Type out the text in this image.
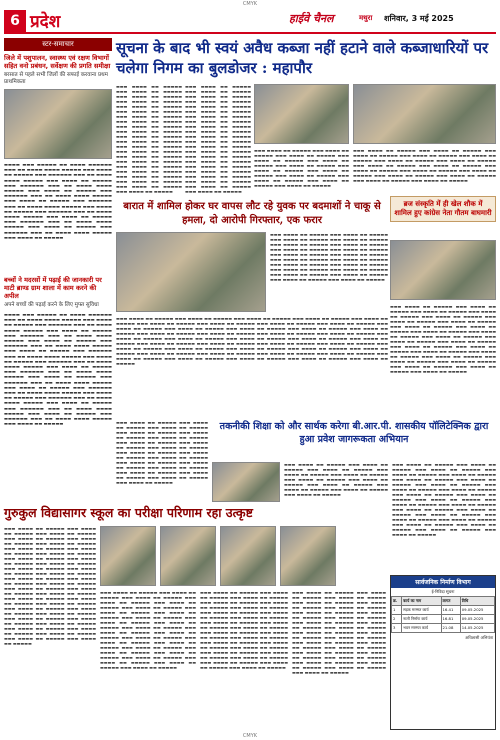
CMYK
6 प्रदेश	हाईवे चैनल	मथुरा शनिवार, 3 मई 2025
स्टर-समाचार
जिले में पशुपालन, स्वास्थ्य एवं रक्षण विभागों सहित वनो प्रबंधन, सर्वेक्षण की प्रगति समीक्षा
बरसात से पहले सभी जिलों की सफाई करवाना प्रथम प्राथमिकता
▬▬▬▬ ▬▬▬ ▬▬▬▬▬ ▬▬ ▬▬▬▬ ▬▬▬▬▬▬ ▬▬▬ ▬▬ ▬▬▬▬ ▬▬▬▬ ▬▬▬▬▬ ▬▬▬ ▬▬▬▬ ▬▬ ▬▬▬▬▬ ▬▬▬ ▬▬▬▬▬▬ ▬▬▬ ▬▬ ▬▬▬▬ ▬▬▬▬ ▬▬▬▬▬ ▬▬▬ ▬▬▬▬ ▬▬ ▬▬▬▬▬ ▬▬▬ ▬▬▬▬▬▬ ▬▬▬ ▬▬ ▬▬▬▬ ▬▬▬▬ ▬▬▬▬▬ ▬▬▬ ▬▬▬▬ ▬▬ ▬▬▬▬▬ ▬▬▬ ▬▬▬▬▬▬ ▬▬▬ ▬▬ ▬▬▬▬ ▬▬▬▬ ▬▬▬▬▬ ▬▬▬ ▬▬▬▬ ▬▬ ▬▬▬▬▬ ▬▬▬ ▬▬▬▬▬▬ ▬▬▬ ▬▬ ▬▬▬▬ ▬▬▬▬ ▬▬▬▬▬ ▬▬▬ ▬▬▬▬ ▬▬ ▬▬▬▬▬ ▬▬▬ ▬▬▬▬▬▬ ▬▬▬ ▬▬ ▬▬▬▬ ▬▬▬▬ ▬▬▬▬▬ ▬▬▬ ▬▬▬▬ ▬▬ ▬▬▬▬▬ ▬▬▬ ▬▬▬▬▬▬ ▬▬▬ ▬▬ ▬▬▬▬ ▬▬▬▬ ▬▬▬▬▬ ▬▬▬ ▬▬▬▬ ▬▬ ▬▬▬▬▬ ▬▬▬ ▬▬▬▬▬▬ ▬▬▬ ▬▬ ▬▬▬▬ ▬▬▬▬ ▬▬▬▬▬ ▬▬▬ ▬▬▬▬ ▬▬ ▬▬▬▬▬
बच्चों ने मदरसों में पढ़ाई की जानकारी पर माटी ब्राण्ड ग्राम शाला में काम करने की अपील
अपने बच्चों की पढ़ाई करने के लिए मुफ्त सुविधा
▬▬▬▬ ▬▬▬ ▬▬▬▬▬ ▬▬ ▬▬▬▬ ▬▬▬▬▬▬ ▬▬▬ ▬▬ ▬▬▬▬ ▬▬▬▬ ▬▬▬▬▬ ▬▬▬ ▬▬▬▬ ▬▬ ▬▬▬▬▬ ▬▬▬ ▬▬▬▬▬▬ ▬▬▬ ▬▬ ▬▬▬▬ ▬▬▬▬ ▬▬▬▬▬ ▬▬▬ ▬▬▬▬ ▬▬ ▬▬▬▬▬ ▬▬▬ ▬▬▬▬▬▬ ▬▬▬ ▬▬ ▬▬▬▬ ▬▬▬▬ ▬▬▬▬▬ ▬▬▬ ▬▬▬▬ ▬▬ ▬▬▬▬▬ ▬▬▬ ▬▬▬▬▬▬ ▬▬▬ ▬▬ ▬▬▬▬ ▬▬▬▬ ▬▬▬▬▬ ▬▬▬ ▬▬▬▬ ▬▬ ▬▬▬▬▬ ▬▬▬ ▬▬▬▬▬▬ ▬▬▬ ▬▬ ▬▬▬▬ ▬▬▬▬ ▬▬▬▬▬ ▬▬▬ ▬▬▬▬ ▬▬ ▬▬▬▬▬ ▬▬▬ ▬▬▬▬▬▬ ▬▬▬ ▬▬ ▬▬▬▬ ▬▬▬▬ ▬▬▬▬▬ ▬▬▬ ▬▬▬▬ ▬▬ ▬▬▬▬▬ ▬▬▬ ▬▬▬▬▬▬ ▬▬▬ ▬▬ ▬▬▬▬ ▬▬▬▬ ▬▬▬▬▬ ▬▬▬ ▬▬▬▬ ▬▬ ▬▬▬▬▬ ▬▬▬ ▬▬▬▬▬▬ ▬▬▬ ▬▬ ▬▬▬▬ ▬▬▬▬ ▬▬▬▬▬ ▬▬▬ ▬▬▬▬ ▬▬ ▬▬▬▬▬ ▬▬▬ ▬▬▬▬▬▬ ▬▬▬ ▬▬ ▬▬▬▬ ▬▬▬▬ ▬▬▬▬▬ ▬▬▬ ▬▬▬▬ ▬▬ ▬▬▬▬▬ ▬▬▬ ▬▬▬▬▬▬ ▬▬▬ ▬▬ ▬▬▬▬ ▬▬▬▬ ▬▬▬▬▬ ▬▬▬ ▬▬▬▬ ▬▬ ▬▬▬▬▬ ▬▬▬ ▬▬▬▬▬▬ ▬▬▬ ▬▬ ▬▬▬▬ ▬▬▬▬ ▬▬▬▬▬ ▬▬▬ ▬▬▬▬ ▬▬ ▬▬▬▬▬ ▬▬▬ ▬▬▬▬▬▬ ▬▬▬ ▬▬ ▬▬▬▬ ▬▬▬▬ ▬▬▬▬▬ ▬▬▬ ▬▬▬▬ ▬▬ ▬▬▬▬▬
सूचना के बाद भी स्वयं अवैध कब्जा नहीं हटाने वाले कब्जाधारियों पर चलेगा निगम का बुलडोजर : महापौर
▬▬▬ ▬▬▬▬ ▬▬ ▬▬▬▬▬ ▬▬▬ ▬▬▬▬ ▬▬ ▬▬▬▬▬ ▬▬▬ ▬▬▬▬ ▬▬ ▬▬▬▬▬ ▬▬▬ ▬▬▬▬ ▬▬ ▬▬▬▬▬ ▬▬▬ ▬▬▬▬ ▬▬ ▬▬▬▬▬ ▬▬▬ ▬▬▬▬ ▬▬ ▬▬▬▬▬ ▬▬▬ ▬▬▬▬ ▬▬ ▬▬▬▬▬ ▬▬▬ ▬▬▬▬ ▬▬ ▬▬▬▬▬ ▬▬▬ ▬▬▬▬ ▬▬ ▬▬▬▬▬ ▬▬▬ ▬▬▬▬ ▬▬ ▬▬▬▬▬ ▬▬▬ ▬▬▬▬ ▬▬ ▬▬▬▬▬ ▬▬▬ ▬▬▬▬ ▬▬ ▬▬▬▬▬ ▬▬▬ ▬▬▬▬ ▬▬ ▬▬▬▬▬ ▬▬▬ ▬▬▬▬ ▬▬ ▬▬▬▬▬ ▬▬▬ ▬▬▬▬ ▬▬ ▬▬▬▬▬ ▬▬▬ ▬▬▬▬ ▬▬ ▬▬▬▬▬ ▬▬▬ ▬▬▬▬ ▬▬ ▬▬▬▬▬ ▬▬▬ ▬▬▬▬ ▬▬ ▬▬▬▬▬ ▬▬▬ ▬▬▬▬ ▬▬ ▬▬▬▬▬ ▬▬▬ ▬▬▬▬ ▬▬ ▬▬▬▬▬ ▬▬▬ ▬▬▬▬ ▬▬ ▬▬▬▬▬ ▬▬▬ ▬▬▬▬ ▬▬ ▬▬▬▬▬
▬▬▬ ▬▬▬▬ ▬▬ ▬▬▬▬▬ ▬▬▬ ▬▬▬▬ ▬▬ ▬▬▬▬▬ ▬▬▬ ▬▬▬▬ ▬▬ ▬▬▬▬▬ ▬▬▬ ▬▬▬▬ ▬▬ ▬▬▬▬▬ ▬▬▬ ▬▬▬▬ ▬▬ ▬▬▬▬▬ ▬▬▬ ▬▬▬▬ ▬▬ ▬▬▬▬▬ ▬▬▬ ▬▬▬▬ ▬▬ ▬▬▬▬▬ ▬▬▬ ▬▬▬▬ ▬▬ ▬▬▬▬▬ ▬▬▬ ▬▬▬▬ ▬▬ ▬▬▬▬▬ ▬▬▬ ▬▬▬▬ ▬▬ ▬▬▬▬▬ ▬▬▬ ▬▬▬▬ ▬▬ ▬▬▬▬▬ ▬▬▬ ▬▬▬▬ ▬▬ ▬▬▬▬▬ ▬▬▬ ▬▬▬▬ ▬▬ ▬▬▬▬▬ ▬▬▬ ▬▬▬▬ ▬▬ ▬▬▬▬▬ ▬▬▬ ▬▬▬▬ ▬▬ ▬▬▬▬▬ ▬▬▬ ▬▬▬▬ ▬▬ ▬▬▬▬▬ ▬▬▬ ▬▬▬▬ ▬▬ ▬▬▬▬▬ ▬▬▬ ▬▬▬▬ ▬▬ ▬▬▬▬▬ ▬▬▬ ▬▬▬▬ ▬▬ ▬▬▬▬▬ ▬▬▬ ▬▬▬▬ ▬▬ ▬▬▬▬▬ ▬▬▬ ▬▬▬▬ ▬▬ ▬▬▬▬▬ ▬▬▬ ▬▬▬▬ ▬▬ ▬▬▬▬▬
▬▬▬ ▬▬▬▬ ▬▬ ▬▬▬▬▬ ▬▬▬ ▬▬▬▬ ▬▬ ▬▬▬▬▬ ▬▬▬ ▬▬▬▬ ▬▬ ▬▬▬▬▬ ▬▬▬ ▬▬▬▬ ▬▬ ▬▬▬▬▬ ▬▬▬ ▬▬▬▬ ▬▬ ▬▬▬▬▬ ▬▬▬ ▬▬▬▬ ▬▬ ▬▬▬▬▬ ▬▬▬ ▬▬▬▬ ▬▬ ▬▬▬▬▬ ▬▬▬ ▬▬▬▬ ▬▬ ▬▬▬▬▬ ▬▬▬ ▬▬▬▬ ▬▬ ▬▬▬▬▬ ▬▬▬ ▬▬▬▬ ▬▬ ▬▬▬▬▬ ▬▬▬ ▬▬▬▬ ▬▬ ▬▬▬▬▬ ▬▬▬ ▬▬▬▬ ▬▬ ▬▬▬▬▬
▬▬▬ ▬▬▬▬ ▬▬ ▬▬▬▬▬ ▬▬▬ ▬▬▬▬ ▬▬ ▬▬▬▬▬ ▬▬▬ ▬▬▬▬ ▬▬ ▬▬▬▬▬ ▬▬▬ ▬▬▬▬ ▬▬ ▬▬▬▬▬ ▬▬▬ ▬▬▬▬ ▬▬ ▬▬▬▬▬ ▬▬▬ ▬▬▬▬ ▬▬ ▬▬▬▬▬ ▬▬▬ ▬▬▬▬ ▬▬ ▬▬▬▬▬ ▬▬▬ ▬▬▬▬ ▬▬ ▬▬▬▬▬ ▬▬▬ ▬▬▬▬ ▬▬ ▬▬▬▬▬ ▬▬▬ ▬▬▬▬ ▬▬ ▬▬▬▬▬ ▬▬▬ ▬▬▬▬ ▬▬ ▬▬▬▬▬ ▬▬▬ ▬▬▬▬ ▬▬ ▬▬▬▬▬ ▬▬▬ ▬▬▬▬ ▬▬ ▬▬▬▬▬ ▬▬▬ ▬▬▬▬ ▬▬ ▬▬▬▬▬ ▬▬▬ ▬▬▬▬ ▬▬ ▬▬▬▬▬ ▬▬▬ ▬▬▬▬ ▬▬ ▬▬▬▬▬
बारात में शामिल होकर घर वापस लौट रहे युवक पर बदमाशों ने चाकू से हमला, दो आरोपी गिरफ्तार, एक फरार
▬▬▬ ▬▬▬▬ ▬▬ ▬▬▬▬▬ ▬▬▬ ▬▬▬▬ ▬▬ ▬▬▬▬▬ ▬▬▬ ▬▬▬▬ ▬▬ ▬▬▬▬▬ ▬▬▬ ▬▬▬▬ ▬▬ ▬▬▬▬▬ ▬▬▬ ▬▬▬▬ ▬▬ ▬▬▬▬▬ ▬▬▬ ▬▬▬▬ ▬▬ ▬▬▬▬▬ ▬▬▬ ▬▬▬▬ ▬▬ ▬▬▬▬▬ ▬▬▬ ▬▬▬▬ ▬▬ ▬▬▬▬▬ ▬▬▬ ▬▬▬▬ ▬▬ ▬▬▬▬▬ ▬▬▬ ▬▬▬▬ ▬▬ ▬▬▬▬▬ ▬▬▬ ▬▬▬▬ ▬▬ ▬▬▬▬▬ ▬▬▬ ▬▬▬▬ ▬▬ ▬▬▬▬▬ ▬▬▬ ▬▬▬▬ ▬▬ ▬▬▬▬▬ ▬▬▬ ▬▬▬▬ ▬▬ ▬▬▬▬▬ ▬▬▬ ▬▬▬▬ ▬▬ ▬▬▬▬▬ ▬▬▬ ▬▬▬▬ ▬▬ ▬▬▬▬▬ ▬▬▬ ▬▬▬▬ ▬▬ ▬▬▬▬▬ ▬▬▬ ▬▬▬▬ ▬▬ ▬▬▬▬▬ ▬▬▬ ▬▬▬▬ ▬▬ ▬▬▬▬▬ ▬▬▬ ▬▬▬▬ ▬▬ ▬▬▬▬▬
▬▬▬ ▬▬▬▬ ▬▬ ▬▬▬▬▬ ▬▬▬ ▬▬▬▬ ▬▬ ▬▬▬▬▬ ▬▬▬ ▬▬▬▬ ▬▬ ▬▬▬▬▬ ▬▬▬ ▬▬▬▬ ▬▬ ▬▬▬▬▬ ▬▬▬ ▬▬▬▬ ▬▬ ▬▬▬▬▬ ▬▬▬ ▬▬▬▬ ▬▬ ▬▬▬▬▬ ▬▬▬ ▬▬▬▬ ▬▬ ▬▬▬▬▬ ▬▬▬ ▬▬▬▬ ▬▬ ▬▬▬▬▬ ▬▬▬ ▬▬▬▬ ▬▬ ▬▬▬▬▬ ▬▬▬ ▬▬▬▬ ▬▬ ▬▬▬▬▬ ▬▬▬ ▬▬▬▬ ▬▬ ▬▬▬▬▬ ▬▬▬ ▬▬▬▬ ▬▬ ▬▬▬▬▬ ▬▬▬ ▬▬▬▬ ▬▬ ▬▬▬▬▬ ▬▬▬ ▬▬▬▬ ▬▬ ▬▬▬▬▬ ▬▬▬ ▬▬▬▬ ▬▬ ▬▬▬▬▬ ▬▬▬ ▬▬▬▬ ▬▬ ▬▬▬▬▬ ▬▬▬ ▬▬▬▬ ▬▬ ▬▬▬▬▬ ▬▬▬ ▬▬▬▬ ▬▬ ▬▬▬▬▬ ▬▬▬ ▬▬▬▬ ▬▬ ▬▬▬▬▬ ▬▬▬ ▬▬▬▬ ▬▬ ▬▬▬▬▬ ▬▬▬ ▬▬▬▬ ▬▬ ▬▬▬▬▬ ▬▬▬ ▬▬▬▬ ▬▬ ▬▬▬▬▬ ▬▬▬ ▬▬▬▬ ▬▬ ▬▬▬▬▬ ▬▬▬ ▬▬▬▬ ▬▬ ▬▬▬▬▬ ▬▬▬ ▬▬▬▬ ▬▬ ▬▬▬▬▬ ▬▬▬ ▬▬▬▬ ▬▬ ▬▬▬▬▬ ▬▬▬ ▬▬▬▬ ▬▬ ▬▬▬▬▬ ▬▬▬ ▬▬▬▬ ▬▬ ▬▬▬▬▬ ▬▬▬ ▬▬▬▬ ▬▬ ▬▬▬▬▬ ▬▬▬ ▬▬▬▬ ▬▬ ▬▬▬▬▬ ▬▬▬ ▬▬▬▬ ▬▬ ▬▬▬▬▬ ▬▬▬ ▬▬▬▬ ▬▬ ▬▬▬▬▬ ▬▬▬ ▬▬▬▬ ▬▬ ▬▬▬▬▬ ▬▬▬ ▬▬▬▬ ▬▬ ▬▬▬▬▬ ▬▬▬ ▬▬▬▬ ▬▬ ▬▬▬▬▬ ▬▬▬ ▬▬▬▬ ▬▬ ▬▬▬▬▬ ▬▬▬ ▬▬▬▬ ▬▬ ▬▬▬▬▬ ▬▬▬ ▬▬▬▬ ▬▬ ▬▬▬▬▬ ▬▬▬ ▬▬▬▬ ▬▬ ▬▬▬▬▬ ▬▬▬ ▬▬▬▬ ▬▬ ▬▬▬▬▬ ▬▬▬ ▬▬▬▬ ▬▬ ▬▬▬▬▬
ब्रज संस्कृति में ही खेल शौक में शामिल हुए कांग्रेस नेता गौतम बाघमारी
▬▬▬ ▬▬▬▬ ▬▬ ▬▬▬▬▬ ▬▬▬ ▬▬▬▬ ▬▬ ▬▬▬▬▬ ▬▬▬ ▬▬▬▬ ▬▬ ▬▬▬▬▬ ▬▬▬ ▬▬▬▬ ▬▬ ▬▬▬▬▬ ▬▬▬ ▬▬▬▬ ▬▬ ▬▬▬▬▬ ▬▬▬ ▬▬▬▬ ▬▬ ▬▬▬▬▬ ▬▬▬ ▬▬▬▬ ▬▬ ▬▬▬▬▬ ▬▬▬ ▬▬▬▬ ▬▬ ▬▬▬▬▬ ▬▬▬ ▬▬▬▬ ▬▬ ▬▬▬▬▬ ▬▬▬ ▬▬▬▬ ▬▬ ▬▬▬▬▬ ▬▬▬ ▬▬▬▬ ▬▬ ▬▬▬▬▬ ▬▬▬ ▬▬▬▬ ▬▬ ▬▬▬▬▬ ▬▬▬ ▬▬▬▬ ▬▬ ▬▬▬▬▬ ▬▬▬ ▬▬▬▬ ▬▬ ▬▬▬▬▬ ▬▬▬ ▬▬▬▬ ▬▬ ▬▬▬▬▬ ▬▬▬ ▬▬▬▬ ▬▬ ▬▬▬▬▬ ▬▬▬ ▬▬▬▬ ▬▬ ▬▬▬▬▬ ▬▬▬ ▬▬▬▬ ▬▬ ▬▬▬▬▬ ▬▬▬ ▬▬▬▬ ▬▬ ▬▬▬▬▬ ▬▬▬ ▬▬▬▬ ▬▬ ▬▬▬▬▬ ▬▬▬ ▬▬▬▬ ▬▬ ▬▬▬▬▬ ▬▬▬ ▬▬▬▬ ▬▬ ▬▬▬▬▬ ▬▬▬ ▬▬▬▬ ▬▬ ▬▬▬▬▬ ▬▬▬ ▬▬▬▬ ▬▬ ▬▬▬▬▬
▬▬▬ ▬▬▬▬ ▬▬ ▬▬▬▬▬ ▬▬▬ ▬▬▬▬ ▬▬ ▬▬▬▬▬ ▬▬▬ ▬▬▬▬ ▬▬ ▬▬▬▬▬ ▬▬▬ ▬▬▬▬ ▬▬ ▬▬▬▬▬ ▬▬▬ ▬▬▬▬ ▬▬ ▬▬▬▬▬ ▬▬▬ ▬▬▬▬ ▬▬ ▬▬▬▬▬ ▬▬▬ ▬▬▬▬ ▬▬ ▬▬▬▬▬ ▬▬▬ ▬▬▬▬ ▬▬ ▬▬▬▬▬ ▬▬▬ ▬▬▬▬ ▬▬ ▬▬▬▬▬ ▬▬▬ ▬▬▬▬ ▬▬ ▬▬▬▬▬ ▬▬▬ ▬▬▬▬ ▬▬ ▬▬▬▬▬ ▬▬▬ ▬▬▬▬ ▬▬ ▬▬▬▬▬ ▬▬▬ ▬▬▬▬ ▬▬ ▬▬▬▬▬ ▬▬▬ ▬▬▬▬ ▬▬ ▬▬▬▬▬ ▬▬▬ ▬▬▬▬ ▬▬ ▬▬▬▬▬ ▬▬▬ ▬▬▬▬ ▬▬ ▬▬▬▬▬ ▬▬▬ ▬▬▬▬ ▬▬ ▬▬▬▬▬ ▬▬▬ ▬▬▬▬ ▬▬ ▬▬▬▬▬ ▬▬▬ ▬▬▬▬ ▬▬ ▬▬▬▬▬
तकनीकी शिक्षा को और सार्थक करेगा बी.आर.पी. शासकीय पॉलिटेक्निक द्वारा हुआ प्रवेश जागरूकता अभियान
▬▬▬ ▬▬▬▬ ▬▬ ▬▬▬▬▬ ▬▬▬ ▬▬▬▬ ▬▬ ▬▬▬▬▬ ▬▬▬ ▬▬▬▬ ▬▬ ▬▬▬▬▬ ▬▬▬ ▬▬▬▬ ▬▬ ▬▬▬▬▬ ▬▬▬ ▬▬▬▬ ▬▬ ▬▬▬▬▬ ▬▬▬ ▬▬▬▬ ▬▬ ▬▬▬▬▬ ▬▬▬ ▬▬▬▬ ▬▬ ▬▬▬▬▬ ▬▬▬ ▬▬▬▬ ▬▬ ▬▬▬▬▬ ▬▬▬ ▬▬▬▬ ▬▬ ▬▬▬▬▬ ▬▬▬ ▬▬▬▬ ▬▬ ▬▬▬▬▬ ▬▬▬ ▬▬▬▬ ▬▬ ▬▬▬▬▬
▬▬▬ ▬▬▬▬ ▬▬ ▬▬▬▬▬ ▬▬▬ ▬▬▬▬ ▬▬ ▬▬▬▬▬ ▬▬▬ ▬▬▬▬ ▬▬ ▬▬▬▬▬ ▬▬▬ ▬▬▬▬ ▬▬ ▬▬▬▬▬ ▬▬▬ ▬▬▬▬ ▬▬ ▬▬▬▬▬ ▬▬▬ ▬▬▬▬ ▬▬ ▬▬▬▬▬ ▬▬▬ ▬▬▬▬ ▬▬ ▬▬▬▬▬ ▬▬▬ ▬▬▬▬ ▬▬ ▬▬▬▬▬ ▬▬▬ ▬▬▬▬ ▬▬ ▬▬▬▬▬ ▬▬▬ ▬▬▬▬ ▬▬ ▬▬▬▬▬ ▬▬▬ ▬▬▬▬ ▬▬ ▬▬▬▬▬ ▬▬▬ ▬▬▬▬ ▬▬ ▬▬▬▬▬ ▬▬▬ ▬▬▬▬ ▬▬ ▬▬▬▬▬ ▬▬▬ ▬▬▬▬ ▬▬ ▬▬▬▬▬ ▬▬▬ ▬▬▬▬ ▬▬ ▬▬▬▬▬ ▬▬▬ ▬▬▬▬ ▬▬ ▬▬▬▬▬ ▬▬▬ ▬▬▬▬ ▬▬ ▬▬▬▬▬ ▬▬▬ ▬▬▬▬ ▬▬ ▬▬▬▬▬ ▬▬▬ ▬▬▬▬ ▬▬ ▬▬▬▬▬ ▬▬▬ ▬▬▬▬ ▬▬ ▬▬▬▬▬ ▬▬▬ ▬▬▬▬ ▬▬ ▬▬▬▬▬ ▬▬▬ ▬▬▬▬ ▬▬ ▬▬▬▬▬ ▬▬▬ ▬▬▬▬ ▬▬ ▬▬▬▬▬ ▬▬▬ ▬▬▬▬ ▬▬ ▬▬▬▬▬
गुरुकुल विद्यासागर स्कूल का परीक्षा परिणाम रहा उत्कृष्ट
▬▬▬ ▬▬▬▬ ▬▬ ▬▬▬▬▬ ▬▬▬ ▬▬▬▬ ▬▬ ▬▬▬▬▬ ▬▬▬ ▬▬▬▬ ▬▬ ▬▬▬▬▬ ▬▬▬ ▬▬▬▬ ▬▬ ▬▬▬▬▬ ▬▬▬ ▬▬▬▬ ▬▬ ▬▬▬▬▬ ▬▬▬ ▬▬▬▬ ▬▬ ▬▬▬▬▬ ▬▬▬ ▬▬▬▬ ▬▬ ▬▬▬▬▬ ▬▬▬ ▬▬▬▬ ▬▬ ▬▬▬▬▬ ▬▬▬ ▬▬▬▬ ▬▬ ▬▬▬▬▬ ▬▬▬ ▬▬▬▬ ▬▬ ▬▬▬▬▬ ▬▬▬ ▬▬▬▬ ▬▬ ▬▬▬▬▬ ▬▬▬ ▬▬▬▬ ▬▬ ▬▬▬▬▬ ▬▬▬ ▬▬▬▬ ▬▬ ▬▬▬▬▬ ▬▬▬ ▬▬▬▬ ▬▬ ▬▬▬▬▬ ▬▬▬ ▬▬▬▬ ▬▬ ▬▬▬▬▬ ▬▬▬ ▬▬▬▬ ▬▬ ▬▬▬▬▬ ▬▬▬ ▬▬▬▬ ▬▬ ▬▬▬▬▬ ▬▬▬ ▬▬▬▬ ▬▬ ▬▬▬▬▬ ▬▬▬ ▬▬▬▬ ▬▬ ▬▬▬▬▬ ▬▬▬ ▬▬▬▬ ▬▬ ▬▬▬▬▬ ▬▬▬ ▬▬▬▬ ▬▬ ▬▬▬▬▬ ▬▬▬ ▬▬▬▬ ▬▬ ▬▬▬▬▬ ▬▬▬ ▬▬▬▬ ▬▬ ▬▬▬▬▬ ▬▬▬ ▬▬▬▬ ▬▬ ▬▬▬▬▬ ▬▬▬ ▬▬▬▬ ▬▬ ▬▬▬▬▬ ▬▬▬ ▬▬▬▬ ▬▬ ▬▬▬▬▬ ▬▬▬ ▬▬▬▬ ▬▬ ▬▬▬▬▬ ▬▬▬ ▬▬▬▬ ▬▬ ▬▬▬▬▬ ▬▬▬ ▬▬▬▬ ▬▬ ▬▬▬▬▬ ▬▬▬ ▬▬▬▬ ▬▬ ▬▬▬▬▬ ▬▬▬ ▬▬▬▬ ▬▬ ▬▬▬▬▬ ▬▬▬ ▬▬▬▬ ▬▬ ▬▬▬▬▬ ▬▬▬ ▬▬▬▬ ▬▬ ▬▬▬▬▬ ▬▬▬ ▬▬▬▬ ▬▬ ▬▬▬▬▬ ▬▬▬ ▬▬▬▬ ▬▬ ▬▬▬▬▬
▬▬▬ ▬▬▬▬ ▬▬ ▬▬▬▬▬ ▬▬▬ ▬▬▬▬ ▬▬ ▬▬▬▬▬ ▬▬▬ ▬▬▬▬ ▬▬ ▬▬▬▬▬ ▬▬▬ ▬▬▬▬ ▬▬ ▬▬▬▬▬ ▬▬▬ ▬▬▬▬ ▬▬ ▬▬▬▬▬ ▬▬▬ ▬▬▬▬ ▬▬ ▬▬▬▬▬ ▬▬▬ ▬▬▬▬ ▬▬ ▬▬▬▬▬ ▬▬▬ ▬▬▬▬ ▬▬ ▬▬▬▬▬ ▬▬▬ ▬▬▬▬ ▬▬ ▬▬▬▬▬ ▬▬▬ ▬▬▬▬ ▬▬ ▬▬▬▬▬ ▬▬▬ ▬▬▬▬ ▬▬ ▬▬▬▬▬ ▬▬▬ ▬▬▬▬ ▬▬ ▬▬▬▬▬ ▬▬▬ ▬▬▬▬ ▬▬ ▬▬▬▬▬ ▬▬▬ ▬▬▬▬ ▬▬ ▬▬▬▬▬ ▬▬▬ ▬▬▬▬ ▬▬ ▬▬▬▬▬ ▬▬▬ ▬▬▬▬ ▬▬ ▬▬▬▬▬ ▬▬▬ ▬▬▬▬ ▬▬ ▬▬▬▬▬ ▬▬▬ ▬▬▬▬ ▬▬ ▬▬▬▬▬ ▬▬▬ ▬▬▬▬ ▬▬ ▬▬▬▬▬ ▬▬▬ ▬▬▬▬ ▬▬ ▬▬▬▬▬ ▬▬▬ ▬▬▬▬ ▬▬ ▬▬▬▬▬ ▬▬▬ ▬▬▬▬ ▬▬ ▬▬▬▬▬ ▬▬▬ ▬▬▬▬ ▬▬ ▬▬▬▬▬ ▬▬▬ ▬▬▬▬ ▬▬ ▬▬▬▬▬
▬▬▬ ▬▬▬▬ ▬▬ ▬▬▬▬▬ ▬▬▬ ▬▬▬▬ ▬▬ ▬▬▬▬▬ ▬▬▬ ▬▬▬▬ ▬▬ ▬▬▬▬▬ ▬▬▬ ▬▬▬▬ ▬▬ ▬▬▬▬▬ ▬▬▬ ▬▬▬▬ ▬▬ ▬▬▬▬▬ ▬▬▬ ▬▬▬▬ ▬▬ ▬▬▬▬▬ ▬▬▬ ▬▬▬▬ ▬▬ ▬▬▬▬▬ ▬▬▬ ▬▬▬▬ ▬▬ ▬▬▬▬▬ ▬▬▬ ▬▬▬▬ ▬▬ ▬▬▬▬▬ ▬▬▬ ▬▬▬▬ ▬▬ ▬▬▬▬▬ ▬▬▬ ▬▬▬▬ ▬▬ ▬▬▬▬▬ ▬▬▬ ▬▬▬▬ ▬▬ ▬▬▬▬▬ ▬▬▬ ▬▬▬▬ ▬▬ ▬▬▬▬▬ ▬▬▬ ▬▬▬▬ ▬▬ ▬▬▬▬▬ ▬▬▬ ▬▬▬▬ ▬▬ ▬▬▬▬▬ ▬▬▬ ▬▬▬▬ ▬▬ ▬▬▬▬▬ ▬▬▬ ▬▬▬▬ ▬▬ ▬▬▬▬▬ ▬▬▬ ▬▬▬▬ ▬▬ ▬▬▬▬▬ ▬▬▬ ▬▬▬▬ ▬▬ ▬▬▬▬▬ ▬▬▬ ▬▬▬▬ ▬▬ ▬▬▬▬▬ ▬▬▬ ▬▬▬▬ ▬▬ ▬▬▬▬▬ ▬▬▬ ▬▬▬▬ ▬▬ ▬▬▬▬▬ ▬▬▬ ▬▬▬▬ ▬▬ ▬▬▬▬▬ ▬▬▬ ▬▬▬▬ ▬▬ ▬▬▬▬▬
▬▬▬ ▬▬▬▬ ▬▬ ▬▬▬▬▬ ▬▬▬ ▬▬▬▬ ▬▬ ▬▬▬▬▬ ▬▬▬ ▬▬▬▬ ▬▬ ▬▬▬▬▬ ▬▬▬ ▬▬▬▬ ▬▬ ▬▬▬▬▬ ▬▬▬ ▬▬▬▬ ▬▬ ▬▬▬▬▬ ▬▬▬ ▬▬▬▬ ▬▬ ▬▬▬▬▬ ▬▬▬ ▬▬▬▬ ▬▬ ▬▬▬▬▬ ▬▬▬ ▬▬▬▬ ▬▬ ▬▬▬▬▬ ▬▬▬ ▬▬▬▬ ▬▬ ▬▬▬▬▬ ▬▬▬ ▬▬▬▬ ▬▬ ▬▬▬▬▬ ▬▬▬ ▬▬▬▬ ▬▬ ▬▬▬▬▬ ▬▬▬ ▬▬▬▬ ▬▬ ▬▬▬▬▬ ▬▬▬ ▬▬▬▬ ▬▬ ▬▬▬▬▬ ▬▬▬ ▬▬▬▬ ▬▬ ▬▬▬▬▬ ▬▬▬ ▬▬▬▬ ▬▬ ▬▬▬▬▬ ▬▬▬ ▬▬▬▬ ▬▬ ▬▬▬▬▬ ▬▬▬ ▬▬▬▬ ▬▬ ▬▬▬▬▬ ▬▬▬ ▬▬▬▬ ▬▬ ▬▬▬▬▬ ▬▬▬ ▬▬▬▬ ▬▬ ▬▬▬▬▬ ▬▬▬ ▬▬▬▬ ▬▬ ▬▬▬▬▬ ▬▬▬ ▬▬▬▬ ▬▬ ▬▬▬▬▬ ▬▬▬ ▬▬▬▬ ▬▬ ▬▬▬▬▬ ▬▬▬ ▬▬▬▬ ▬▬ ▬▬▬▬▬ ▬▬▬ ▬▬▬▬ ▬▬ ▬▬▬▬▬ ▬▬▬ ▬▬▬▬ ▬▬ ▬▬▬▬▬
सार्वजनिक निर्माण विभाग
ई-निविदा सूचना
क्र.	कार्य का नाम	लागत	तिथि
1	सड़क मरम्मत कार्य	16.41	09.05.2025
2	नाली निर्माण कार्य	16.81	09.05.2025
3	भवन मरम्मत कार्य	21.08	14.05.2025
अधिशासी अभियंता
CMYK
